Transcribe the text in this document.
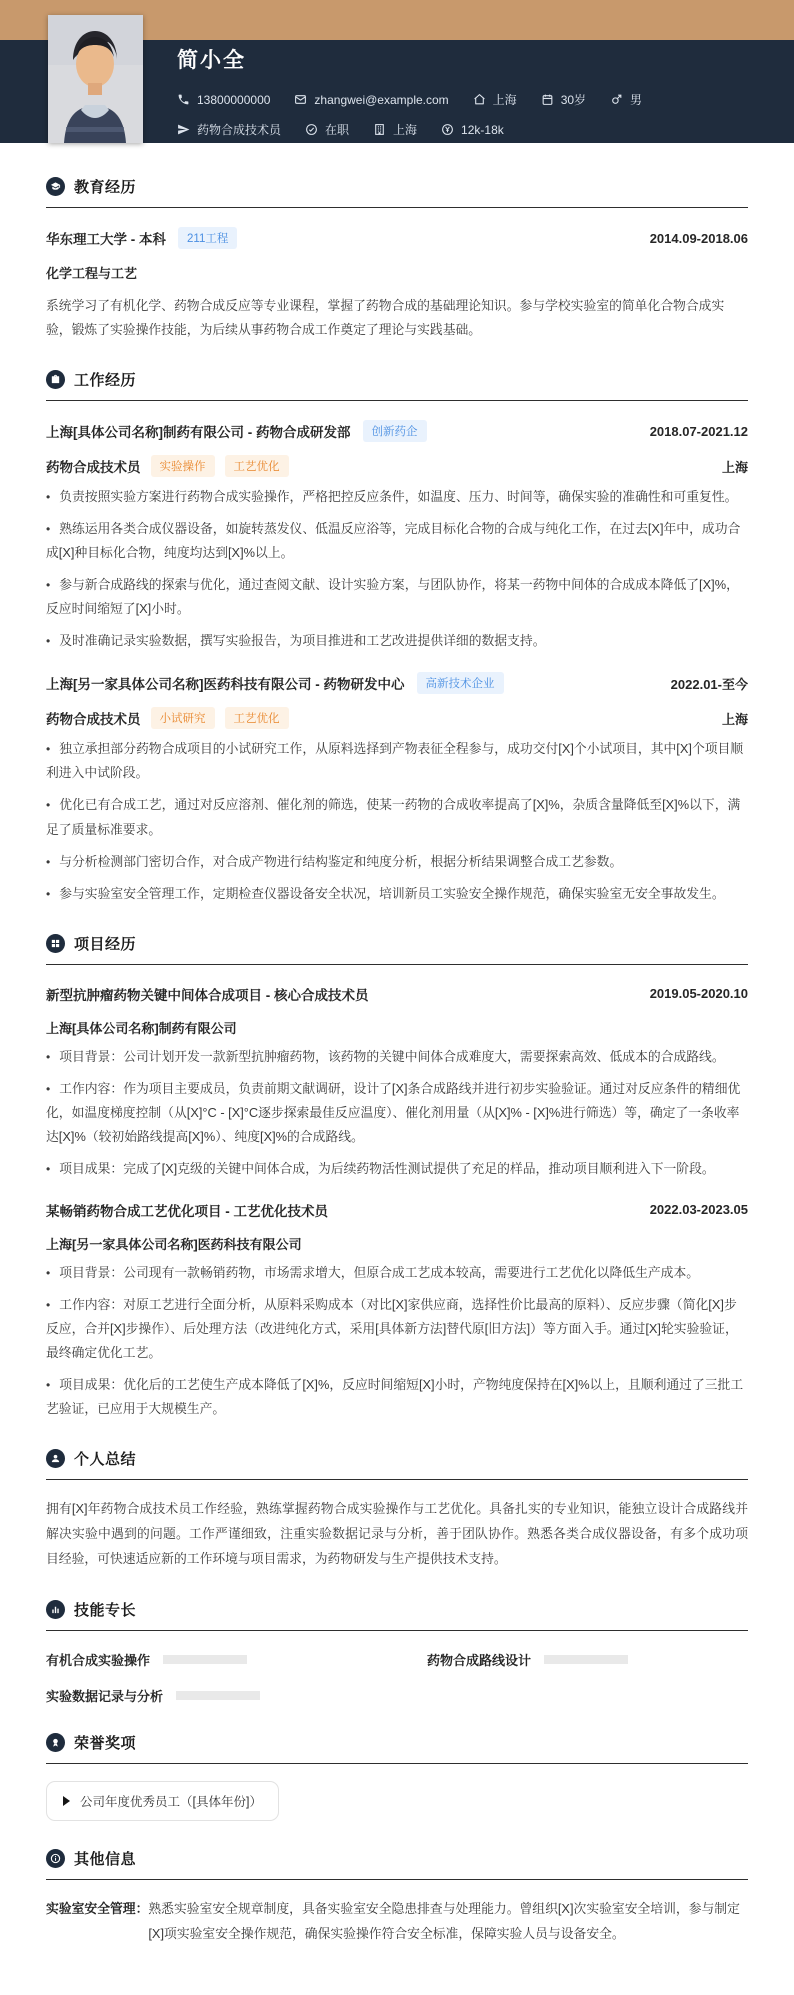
简小全
13800000000	zhangwei@example.com	上海	30岁	男
药物合成技术员	在职	上海	12k-18k
教育经历
华东理工大学 - 本科	211工程	2014.09-2018.06
化学工程与工艺
系统学习了有机化学、药物合成反应等专业课程，掌握了药物合成的基础理论知识。参与学校实验室的简单化合物合成实验，锻炼了实验操作技能，为后续从事药物合成工作奠定了理论与实践基础。
工作经历
上海[具体公司名称]制药有限公司 - 药物合成研发部	创新药企	2018.07-2021.12
药物合成技术员	实验操作	工艺优化	上海
• 负责按照实验方案进行药物合成实验操作，严格把控反应条件，如温度、压力、时间等，确保实验的准确性和可重复性。
• 熟练运用各类合成仪器设备，如旋转蒸发仪、低温反应浴等，完成目标化合物的合成与纯化工作，在过去[X]年中，成功合成[X]种目标化合物，纯度均达到[X]%以上。
• 参与新合成路线的探索与优化，通过查阅文献、设计实验方案，与团队协作，将某一药物中间体的合成成本降低了[X]%，反应时间缩短了[X]小时。
• 及时准确记录实验数据，撰写实验报告，为项目推进和工艺改进提供详细的数据支持。
上海[另一家具体公司名称]医药科技有限公司 - 药物研发中心	高新技术企业	2022.01-至今
药物合成技术员	小试研究	工艺优化	上海
• 独立承担部分药物合成项目的小试研究工作，从原料选择到产物表征全程参与，成功交付[X]个小试项目，其中[X]个项目顺利进入中试阶段。
• 优化已有合成工艺，通过对反应溶剂、催化剂的筛选，使某一药物的合成收率提高了[X]%，杂质含量降低至[X]%以下，满足了质量标准要求。
• 与分析检测部门密切合作，对合成产物进行结构鉴定和纯度分析，根据分析结果调整合成工艺参数。
• 参与实验室安全管理工作，定期检查仪器设备安全状况，培训新员工实验安全操作规范，确保实验室无安全事故发生。
项目经历
新型抗肿瘤药物关键中间体合成项目 - 核心合成技术员	2019.05-2020.10
上海[具体公司名称]制药有限公司
• 项目背景：公司计划开发一款新型抗肿瘤药物，该药物的关键中间体合成难度大，需要探索高效、低成本的合成路线。
• 工作内容：作为项目主要成员，负责前期文献调研，设计了[X]条合成路线并进行初步实验验证。通过对反应条件的精细优化，如温度梯度控制（从[X]°C - [X]°C逐步探索最佳反应温度）、催化剂用量（从[X]% - [X]%进行筛选）等，确定了一条收率达[X]%（较初始路线提高[X]%）、纯度[X]%的合成路线。
• 项目成果：完成了[X]克级的关键中间体合成，为后续药物活性测试提供了充足的样品，推动项目顺利进入下一阶段。
某畅销药物合成工艺优化项目 - 工艺优化技术员	2022.03-2023.05
上海[另一家具体公司名称]医药科技有限公司
• 项目背景：公司现有一款畅销药物，市场需求增大，但原合成工艺成本较高，需要进行工艺优化以降低生产成本。
• 工作内容：对原工艺进行全面分析，从原料采购成本（对比[X]家供应商，选择性价比最高的原料）、反应步骤（简化[X]步反应，合并[X]步操作）、后处理方法（改进纯化方式，采用[具体新方法]替代原[旧方法]）等方面入手。通过[X]轮实验验证，最终确定优化工艺。
• 项目成果：优化后的工艺使生产成本降低了[X]%，反应时间缩短[X]小时，产物纯度保持在[X]%以上，且顺利通过了三批工艺验证，已应用于大规模生产。
个人总结
拥有[X]年药物合成技术员工作经验，熟练掌握药物合成实验操作与工艺优化。具备扎实的专业知识，能独立设计合成路线并解决实验中遇到的问题。工作严谨细致，注重实验数据记录与分析，善于团队协作。熟悉各类合成仪器设备，有多个成功项目经验，可快速适应新的工作环境与项目需求，为药物研发与生产提供技术支持。
技能专长
有机合成实验操作	药物合成路线设计
实验数据记录与分析
荣誉奖项
公司年度优秀员工（[具体年份]）
其他信息
实验室安全管理： 熟悉实验室安全规章制度，具备实验室安全隐患排查与处理能力。曾组织[X]次实验室安全培训，参与制定[X]项实验室安全操作规范，确保实验操作符合安全标准，保障实验人员与设备安全。
